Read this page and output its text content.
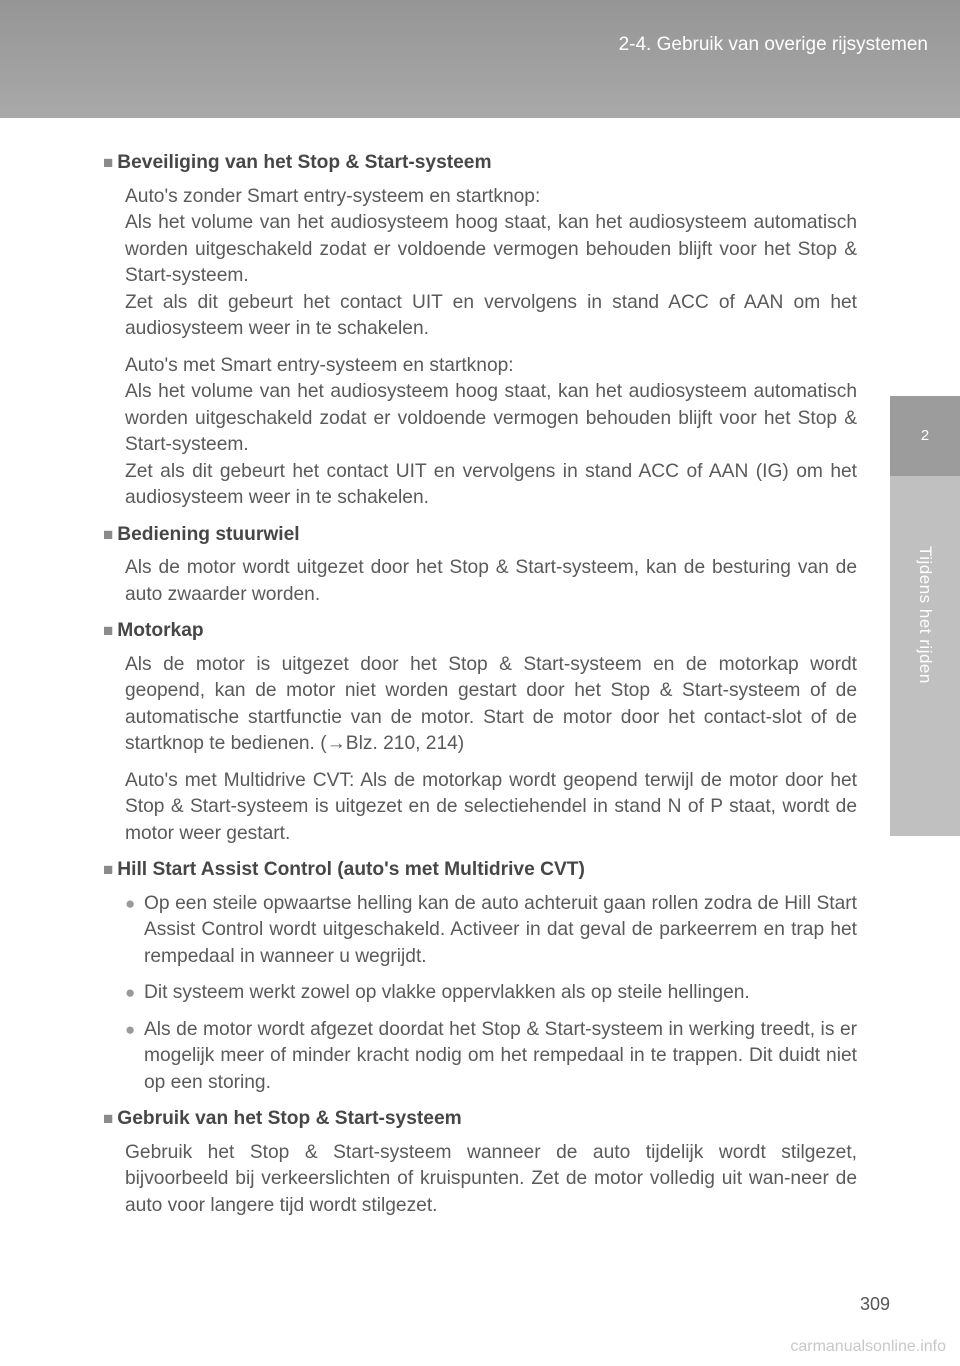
2-4. Gebruik van overige rijsystemen
2
Tijdens het rijden
■ Beveiliging van het Stop & Start-systeem
Auto's zonder Smart entry-systeem en startknop:
Als het volume van het audiosysteem hoog staat, kan het audiosysteem automatisch worden uitgeschakeld zodat er voldoende vermogen behouden blijft voor het Stop & Start-systeem.
Zet als dit gebeurt het contact UIT en vervolgens in stand ACC of AAN om het audiosysteem weer in te schakelen.
Auto's met Smart entry-systeem en startknop:
Als het volume van het audiosysteem hoog staat, kan het audiosysteem automatisch worden uitgeschakeld zodat er voldoende vermogen behouden blijft voor het Stop & Start-systeem.
Zet als dit gebeurt het contact UIT en vervolgens in stand ACC of AAN (IG) om het audiosysteem weer in te schakelen.
■ Bediening stuurwiel
Als de motor wordt uitgezet door het Stop & Start-systeem, kan de besturing van de auto zwaarder worden.
■ Motorkap
Als de motor is uitgezet door het Stop & Start-systeem en de motorkap wordt geopend, kan de motor niet worden gestart door het Stop & Start-systeem of de automatische startfunctie van de motor. Start de motor door het contact-slot of de startknop te bedienen. (→Blz. 210, 214)
Auto's met Multidrive CVT: Als de motorkap wordt geopend terwijl de motor door het Stop & Start-systeem is uitgezet en de selectiehendel in stand N of P staat, wordt de motor weer gestart.
■ Hill Start Assist Control (auto's met Multidrive CVT)
● Op een steile opwaartse helling kan de auto achteruit gaan rollen zodra de Hill Start Assist Control wordt uitgeschakeld. Activeer in dat geval de parkeerrem en trap het rempedaal in wanneer u wegrijdt.
● Dit systeem werkt zowel op vlakke oppervlakken als op steile hellingen.
● Als de motor wordt afgezet doordat het Stop & Start-systeem in werking treedt, is er mogelijk meer of minder kracht nodig om het rempedaal in te trappen. Dit duidt niet op een storing.
■ Gebruik van het Stop & Start-systeem
Gebruik het Stop & Start-systeem wanneer de auto tijdelijk wordt stilgezet, bijvoorbeeld bij verkeerslichten of kruispunten. Zet de motor volledig uit wan-neer de auto voor langere tijd wordt stilgezet.
309
carmanualsonline.info
